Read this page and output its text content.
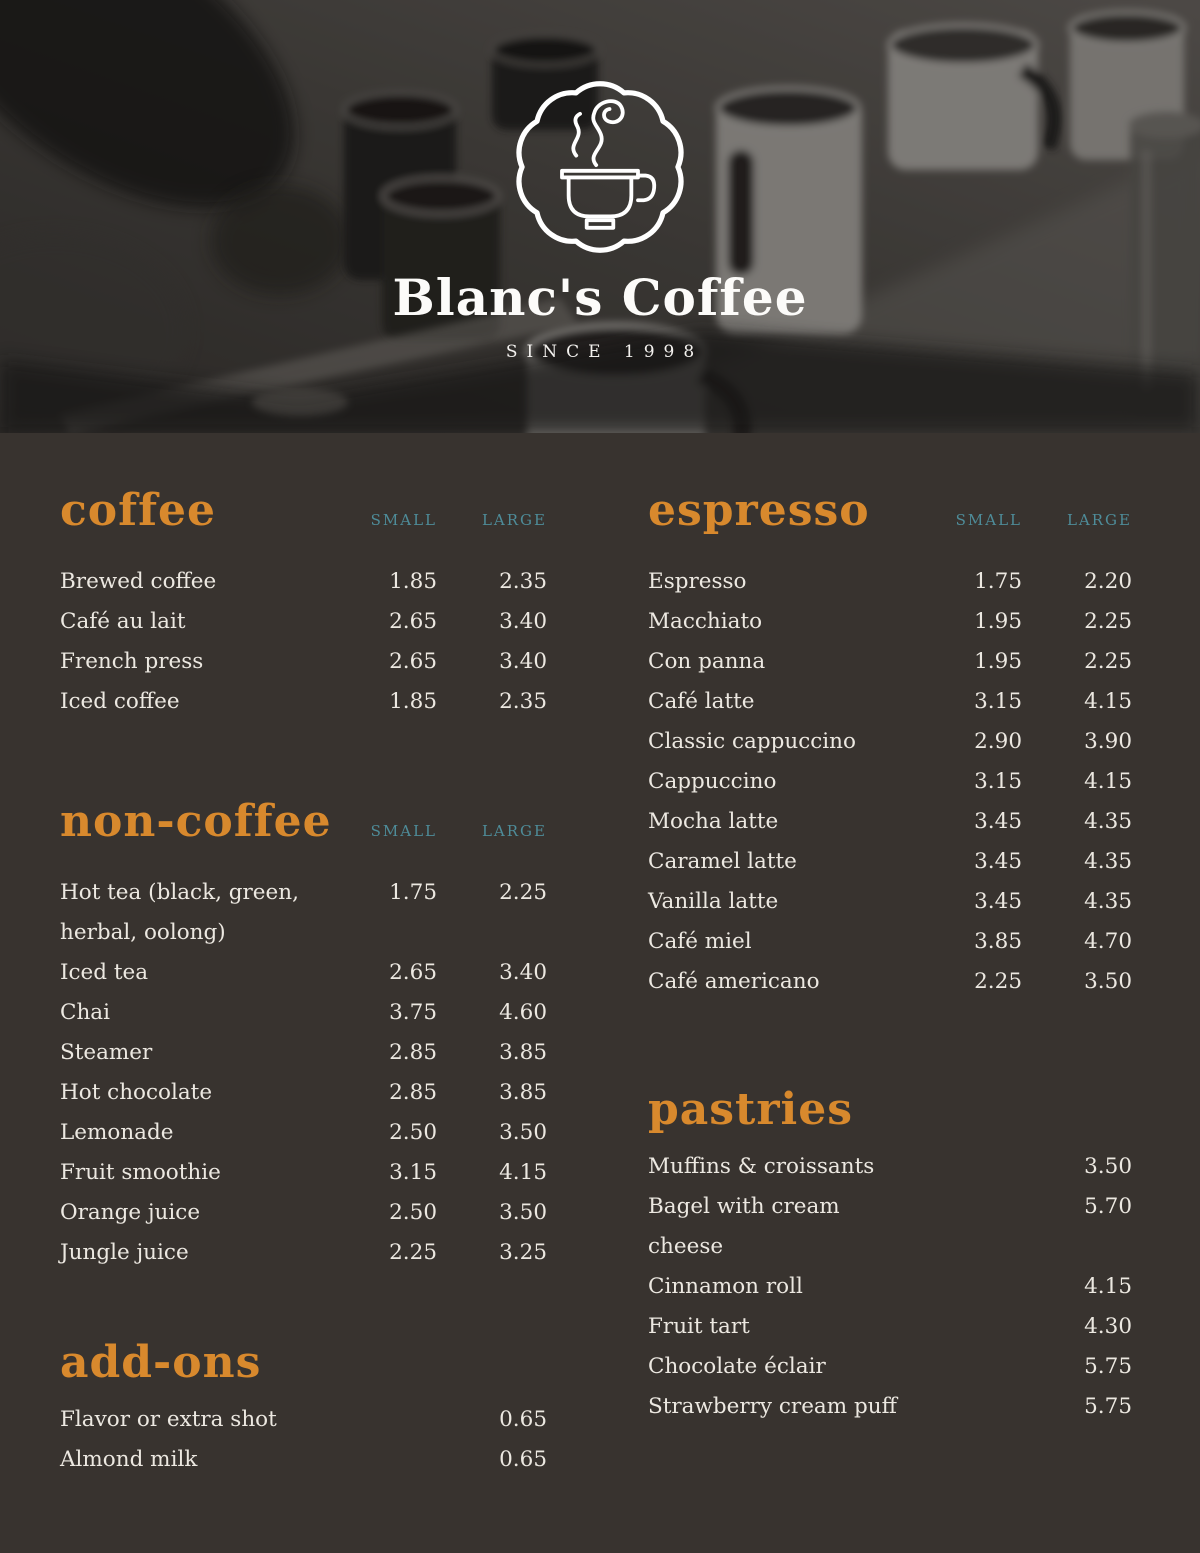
Blanc's Coffee
SINCE 1998
coffee	SMALL	LARGE
Brewed coffee	1.85	2.35
Café au lait	2.65	3.40
French press	2.65	3.40
Iced coffee	1.85	2.35
non-coffee	SMALL	LARGE
Hot tea (black, green, herbal, oolong)
1.75	2.25
Iced tea	2.65	3.40
Chai	3.75	4.60
Steamer	2.85	3.85
Hot chocolate	2.85	3.85
Lemonade	2.50	3.50
Fruit smoothie	3.15	4.15
Orange juice	2.50	3.50
Jungle juice	2.25	3.25
add-ons
Flavor or extra shot	0.65
Almond milk	0.65
espresso	SMALL	LARGE
Espresso	1.75	2.20
Macchiato	1.95	2.25
Con panna	1.95	2.25
Café latte	3.15	4.15
Classic cappuccino	2.90	3.90
Cappuccino	3.15	4.15
Mocha latte	3.45	4.35
Caramel latte	3.45	4.35
Vanilla latte	3.45	4.35
Café miel	3.85	4.70
Café americano	2.25	3.50
pastries
Muffins & croissants	3.50
Bagel with cream cheese
5.70
Cinnamon roll	4.15
Fruit tart	4.30
Chocolate éclair	5.75
Strawberry cream puff	5.75
